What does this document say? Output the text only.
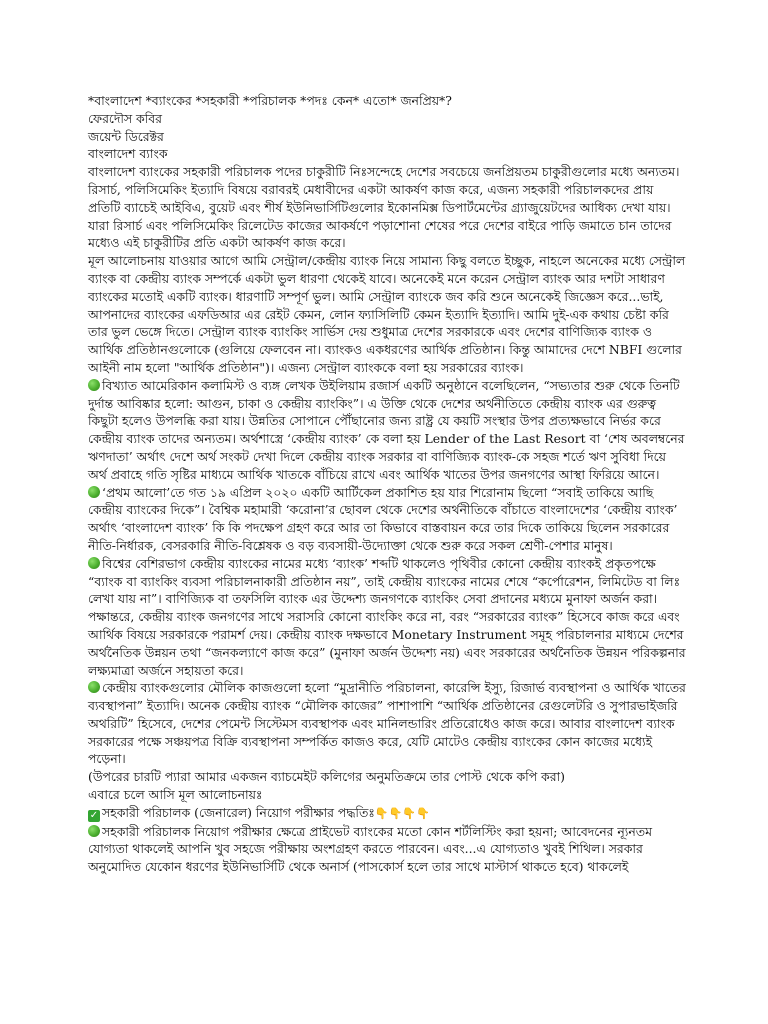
*বাংলাদেশ *ব্যাংকের *সহকারী *পরিচালক *পদঃ কেন* এতো* জনপ্রিয়*?

ফেরদৌস কবির

জয়েন্ট ডিরেক্টর

বাংলাদেশ ব্যাংক

বাংলাদেশ ব্যাংকের সহকারী পরিচালক পদের চাকুরীটি নিঃসন্দেহে দেশের সবচেয়ে জনপ্রিয়তম চাকুরীগুলোর মধ্যে অন্যতম। রিসার্চ, পলিসিমেকিং ইত্যাদি বিষয়ে বরাবরই মেধাবীদের একটা আকর্ষণ কাজ করে, এজন্য সহকারী পরিচালকদের প্রায় প্রতিটি ব্যাচেই আইবিএ, বুয়েট এবং শীর্ষ ইউনিভার্সিটিগুলোর ইকোনমিক্স ডিপার্টমেন্টের গ্র্যাজুয়েটদের আধিক্য দেখা যায়। যারা রিসার্চ এবং পলিসিমেকিং রিলেটেড কাজের আকর্ষণে পড়াশোনা শেষের পরে দেশের বাইরে পাড়ি জমাতে চান তাদের মধ্যেও এই চাকুরীটির প্রতি একটা আকর্ষণ কাজ করে।

মূল আলোচনায় যাওয়ার আগে আমি সেন্ট্রাল/কেন্দ্রীয় ব্যাংক নিয়ে সামান্য কিছু বলতে ইচ্ছুক, নাহলে অনেকের মধ্যে সেন্ট্রাল ব্যাংক বা কেন্দ্রীয় ব্যাংক সম্পর্কে একটা ভুল ধারণা থেকেই যাবে। অনেকেই মনে করেন সেন্ট্রাল ব্যাংক আর দশটা সাধারণ ব্যাংকের মতোই একটি ব্যাংক। ধারণাটি সম্পূর্ণ ভুল। আমি সেন্ট্রাল ব্যাংকে জব করি শুনে অনেকেই জিজ্ঞেস করে...ভাই, আপনাদের ব্যাংকের এফডিআর এর রেইট কেমন, লোন ফ্যাসিলিটি কেমন ইত্যাদি ইত্যাদি। আমি দুই-এক কথায় চেষ্টা করি তার ভুল ভেঙ্গে দিতে। সেন্ট্রাল ব্যাংক ব্যাংকিং সার্ভিস দেয় শুধুমাত্র দেশের সরকারকে এবং দেশের বাণিজ্যিক ব্যাংক ও আর্থিক প্রতিষ্ঠানগুলোকে (গুলিয়ে ফেলবেন না। ব্যাংকও একধরণের আর্থিক প্রতিষ্ঠান। কিন্তু আমাদের দেশে NBFI গুলোর আইনী নাম হলো "আর্থিক প্রতিষ্ঠান")। এজন্য সেন্ট্রাল ব্যাংককে বলা হয় সরকারের ব্যাংক।

বিখ্যাত আমেরিকান কলামিস্ট ও ব্যঙ্গ লেখক উইলিয়াম রজার্স একটি অনুষ্ঠানে বলেছিলেন, “সভ্যতার শুরু থেকে তিনটি দুর্দান্ত আবিষ্কার হলো: আগুন, চাকা ও কেন্দ্রীয় ব্যাংকিং”। এ উক্তি থেকে দেশের অর্থনীতিতে কেন্দ্রীয় ব্যাংক এর গুরুত্ব কিছুটা হলেও উপলব্ধি করা যায়। উন্নতির সোপানে পৌঁছানোর জন্য রাষ্ট্র যে কয়টি সংস্থার উপর প্রত্যক্ষভাবে নির্ভর করে কেন্দ্রীয় ব্যাংক তাদের অন্যতম। অর্থশাস্ত্রে ‘কেন্দ্রীয় ব্যাংক’ কে বলা হয় Lender of the Last Resort বা ‘শেষ অবলম্বনের ঋণদাতা’ অর্থাৎ দেশে অর্থ সংকট দেখা দিলে কেন্দ্রীয় ব্যাংক সরকার বা বাণিজ্যিক ব্যাংক-কে সহজ শর্তে ঋণ সুবিধা দিয়ে অর্থ প্রবাহে গতি সৃষ্টির মাধ্যমে আর্থিক খাতকে বাঁচিয়ে রাখে এবং আর্থিক খাতের উপর জনগণের আস্থা ফিরিয়ে আনে।

‘প্রথম আলো’তে গত ১৯ এপ্রিল ২০২০ একটি আর্টিকেল প্রকাশিত হয় যার শিরোনাম ছিলো “সবাই তাকিয়ে আছি কেন্দ্রীয় ব্যাংকের দিকে”। বৈশ্বিক মহামারী ‘করোনা’র ছোবল থেকে দেশের অর্থনীতিকে বাঁচাতে বাংলাদেশের ‘কেন্দ্রীয় ব্যাংক’ অর্থাৎ ‘বাংলাদেশ ব্যাংক’ কি কি পদক্ষেপ গ্রহণ করে আর তা কিভাবে বাস্তবায়ন করে তার দিকে তাকিয়ে ছিলেন সরকারের নীতি-নির্ধারক, বেসরকারি নীতি-বিশ্লেষক ও বড় ব্যবসায়ী-উদ্যোক্তা থেকে শুরু করে সকল শ্রেণী-পেশার মানুষ।

বিশ্বের বেশিরভাগ কেন্দ্রীয় ব্যাংকের নামের মধ্যে ‘ব্যাংক’ শব্দটি থাকলেও পৃথিবীর কোনো কেন্দ্রীয় ব্যাংকই প্রকৃতপক্ষে “ব্যাংক বা ব্যাংকিং ব্যবসা পরিচালনাকারী প্রতিষ্ঠান নয়”, তাই কেন্দ্রীয় ব্যাংকের নামের শেষে “কর্পোরেশন, লিমিটেড বা লিঃ লেখা যায় না”। বাণিজ্যিক বা তফসিলি ব্যাংক এর উদ্দেশ্য জনগণকে ব্যাংকিং সেবা প্রদানের মধ্যমে মুনাফা অর্জন করা। পক্ষান্তরে, কেন্দ্রীয় ব্যাংক জনগণের সাথে সরাসরি কোনো ব্যাংকিং করে না, বরং “সরকারের ব্যাংক” হিসেবে কাজ করে এবং আর্থিক বিষয়ে সরকারকে পরামর্শ দেয়। কেন্দ্রীয় ব্যাংক দক্ষভাবে Monetary Instrument সমূহ পরিচালনার মাধ্যমে দেশের অর্থনৈতিক উন্নয়ন তথা “জনকল্যাণে কাজ করে” (মুনাফা অর্জন উদ্দেশ্য নয়) এবং সরকারের অর্থনৈতিক উন্নয়ন পরিকল্পনার লক্ষ্যমাত্রা অর্জনে সহায়তা করে।

কেন্দ্রীয় ব্যাংকগুলোর মৌলিক কাজগুলো হলো “মুদ্রানীতি পরিচালনা, কারেন্সি ইস্যু, রিজার্ভ ব্যবস্থাপনা ও আর্থিক খাতের ব্যবস্থাপনা” ইত্যাদি। অনেক কেন্দ্রীয় ব্যাংক “মৌলিক কাজের” পাশাপাশি “আর্থিক প্রতিষ্ঠানের রেগুলেটরি ও সুপারভাইজরি অথরিটি” হিসেবে, দেশের পেমেন্ট সিস্টেমস ব্যবস্থাপক এবং মানিলন্ডারিং প্রতিরোধেও কাজ করে। আবার বাংলাদেশ ব্যাংক সরকারের পক্ষে সঞ্চয়পত্র বিক্রি ব্যবস্থাপনা সম্পর্কিত কাজও করে, যেটি মোটেও কেন্দ্রীয় ব্যাংকের কোন কাজের মধ্যেই পড়েনা।

(উপরের চারটি প্যারা আমার একজন ব্যাচমেইট কলিগের অনুমতিক্রমে তার পোস্ট থেকে কপি করা)

এবারে চলে আসি মূল আলোচনায়ঃ

✓ সহকারী পরিচালক (জেনারেল) নিয়োগ পরীক্ষার পদ্ধতিঃ👇👇👇👇

সহকারী পরিচালক নিয়োগ পরীক্ষার ক্ষেত্রে প্রাইভেট ব্যাংকের মতো কোন শর্টলিস্টিং করা হয়না; আবেদনের ন্যূনতম যোগ্যতা থাকলেই আপনি খুব সহজে পরীক্ষায় অংশগ্রহণ করতে পারবেন। এবং...এ যোগ্যতাও খুবই শিথিল। সরকার অনুমোদিত যেকোন ধরণের ইউনিভার্সিটি থেকে অনার্স (পাসকোর্স হলে তার সাথে মাস্টার্স থাকতে হবে) থাকলেই
